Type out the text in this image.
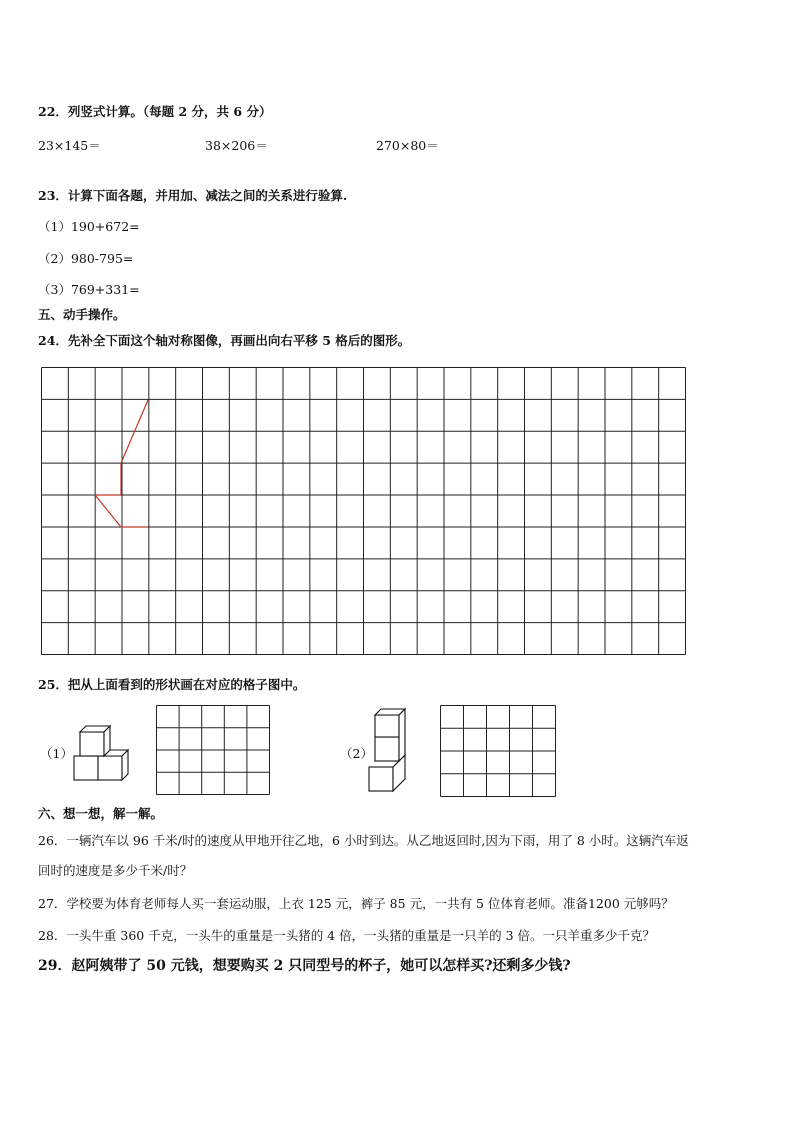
22．列竖式计算。（每题 2 分，共 6 分）
23×145＝	38×206＝	270×80＝
23．计算下面各题，并用加、减法之间的关系进行验算.
（1）190+672=
（2）980-795=
（3）769+331=
五、动手操作。
24．先补全下面这个轴对称图像，再画出向右平移 5 格后的图形。
25．把从上面看到的形状画在对应的格子图中。
（1）	（2）
六、想一想，解一解。
26．一辆汽车以 96 千米/时的速度从甲地开往乙地，6 小时到达。从乙地返回时,因为下雨，用了 8 小时。这辆汽车返
回时的速度是多少千米/时？
27．学校要为体育老师每人买一套运动服，上衣 125 元，裤子 85 元，一共有 5 位体育老师。准备1200 元够吗？
28．一头牛重 360 千克，一头牛的重量是一头猪的 4 倍，一头猪的重量是一只羊的 3 倍。一只羊重多少千克？
29．赵阿姨带了 50 元钱，想要购买 2 只同型号的杯子，她可以怎样买?还剩多少钱?
